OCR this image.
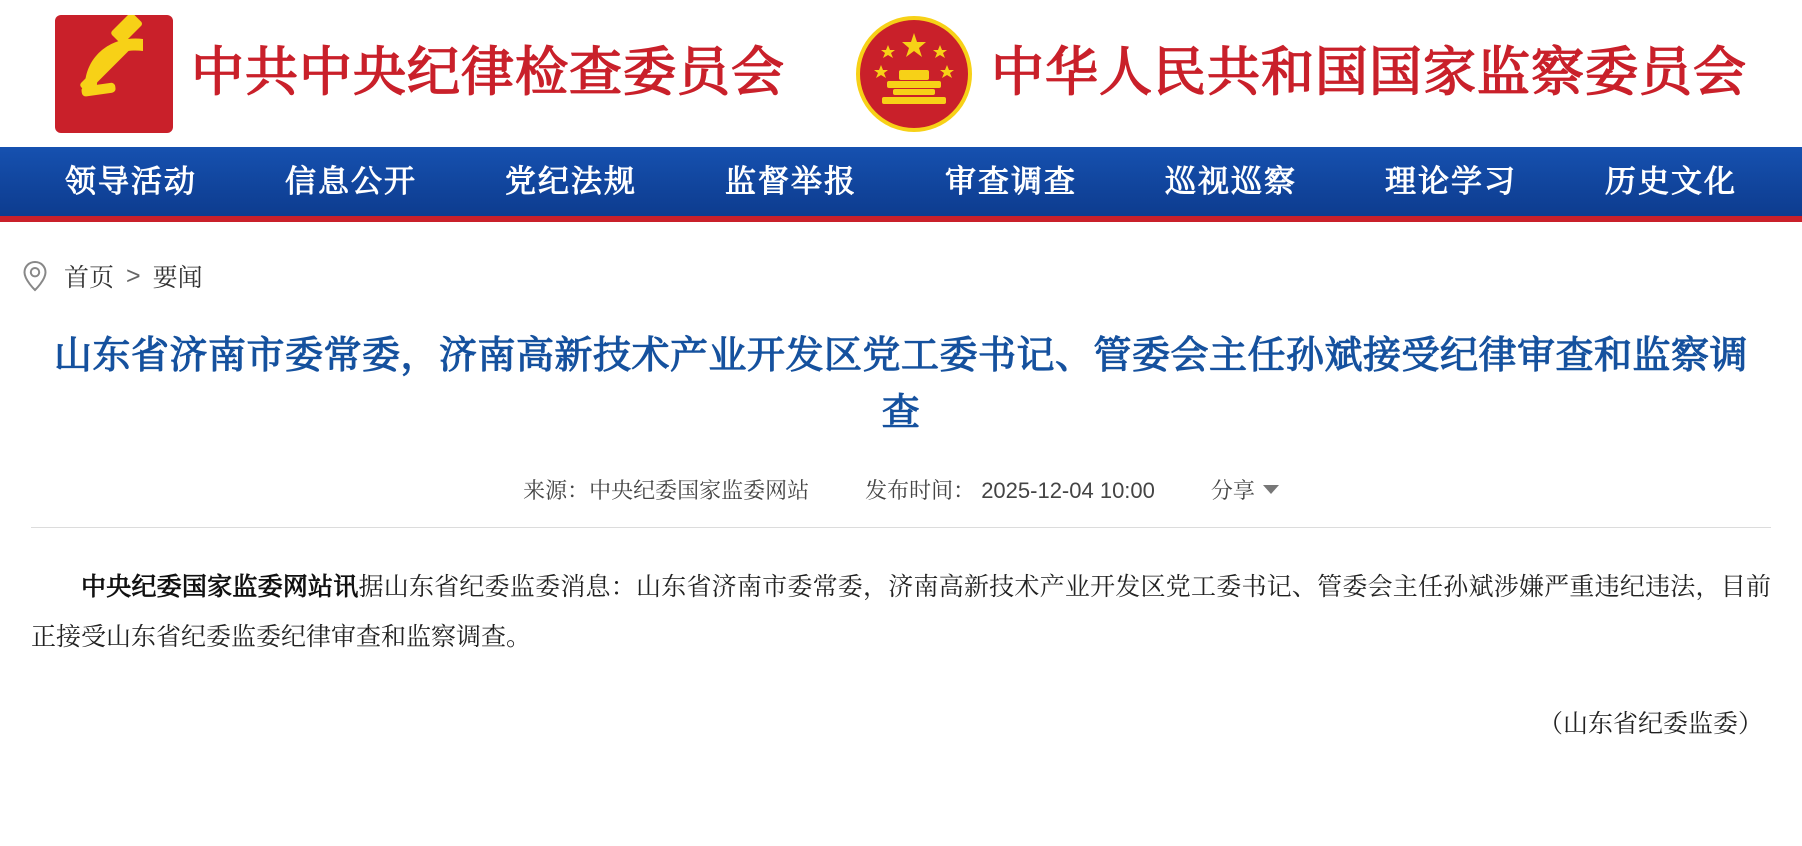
中共中央纪律检查委员会	中华人民共和国国家监察委员会
领导活动	信息公开	党纪法规	监督举报	审查调查	巡视巡察	理论学习	历史文化
首页 > 要闻
山东省济南市委常委，济南高新技术产业开发区党工委书记、管委会主任孙斌接受纪律审查和监察调查
来源：中央纪委国家监委网站	发布时间： 2025-12-04 10:00	分享

中央纪委国家监委网站讯据山东省纪委监委消息：山东省济南市委常委，济南高新技术产业开发区党工委书记、管委会主任孙斌涉嫌严重违纪违法，目前正接受山东省纪委监委纪律审查和监察调查。

（山东省纪委监委）
